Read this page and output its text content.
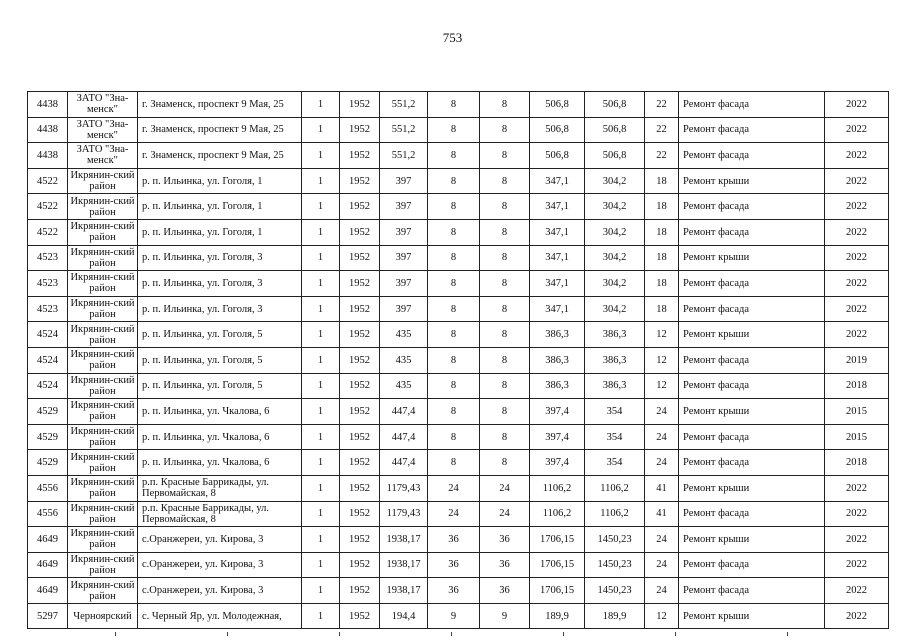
753
4438	ЗАТО "Зна-менск"	г. Знаменск, проспект 9 Мая, 25	1	1952	551,2	8	8	506,8	506,8	22	Ремонт фасада	2022
4438	ЗАТО "Зна-менск"	г. Знаменск, проспект 9 Мая, 25	1	1952	551,2	8	8	506,8	506,8	22	Ремонт фасада	2022
4438	ЗАТО "Зна-менск"	г. Знаменск, проспект 9 Мая, 25	1	1952	551,2	8	8	506,8	506,8	22	Ремонт фасада	2022
4522	Икрянин-ский район	р. п. Ильинка, ул. Гоголя, 1	1	1952	397	8	8	347,1	304,2	18	Ремонт крыши	2022
4522	Икрянин-ский район	р. п. Ильинка, ул. Гоголя, 1	1	1952	397	8	8	347,1	304,2	18	Ремонт фасада	2022
4522	Икрянин-ский район	р. п. Ильинка, ул. Гоголя, 1	1	1952	397	8	8	347,1	304,2	18	Ремонт фасада	2022
4523	Икрянин-ский район	р. п. Ильинка, ул. Гоголя, 3	1	1952	397	8	8	347,1	304,2	18	Ремонт крыши	2022
4523	Икрянин-ский район	р. п. Ильинка, ул. Гоголя, 3	1	1952	397	8	8	347,1	304,2	18	Ремонт фасада	2022
4523	Икрянин-ский район	р. п. Ильинка, ул. Гоголя, 3	1	1952	397	8	8	347,1	304,2	18	Ремонт фасада	2022
4524	Икрянин-ский район	р. п. Ильинка, ул. Гоголя, 5	1	1952	435	8	8	386,3	386,3	12	Ремонт крыши	2022
4524	Икрянин-ский район	р. п. Ильинка, ул. Гоголя, 5	1	1952	435	8	8	386,3	386,3	12	Ремонт фасада	2019
4524	Икрянин-ский район	р. п. Ильинка, ул. Гоголя, 5	1	1952	435	8	8	386,3	386,3	12	Ремонт фасада	2018
4529	Икрянин-ский район	р. п. Ильинка, ул. Чкалова, 6	1	1952	447,4	8	8	397,4	354	24	Ремонт крыши	2015
4529	Икрянин-ский район	р. п. Ильинка, ул. Чкалова, 6	1	1952	447,4	8	8	397,4	354	24	Ремонт фасада	2015
4529	Икрянин-ский район	р. п. Ильинка, ул. Чкалова, 6	1	1952	447,4	8	8	397,4	354	24	Ремонт фасада	2018
4556	Икрянин-ский район	р.п. Красные Баррикады, ул. Первомайская, 8	1	1952	1179,43	24	24	1106,2	1106,2	41	Ремонт крыши	2022
4556	Икрянин-ский район	р.п. Красные Баррикады, ул. Первомайская, 8	1	1952	1179,43	24	24	1106,2	1106,2	41	Ремонт фасада	2022
4649	Икрянин-ский район	с.Оранжереи, ул. Кирова, 3	1	1952	1938,17	36	36	1706,15	1450,23	24	Ремонт крыши	2022
4649	Икрянин-ский район	с.Оранжереи, ул. Кирова, 3	1	1952	1938,17	36	36	1706,15	1450,23	24	Ремонт фасада	2022
4649	Икрянин-ский район	с.Оранжереи, ул. Кирова, 3	1	1952	1938,17	36	36	1706,15	1450,23	24	Ремонт фасада	2022
5297	Черноярский	с. Черный Яр, ул. Молодежная,	1	1952	194,4	9	9	189,9	189,9	12	Ремонт крыши	2022
